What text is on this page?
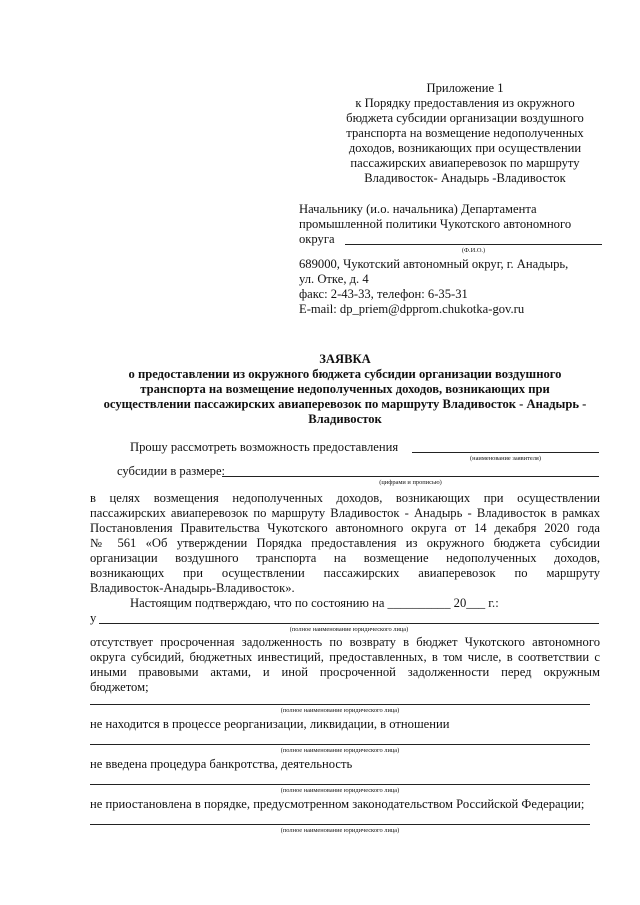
Приложение 1
к Порядку предоставления из окружного
бюджета субсидии организации воздушного
транспорта на возмещение недополученных
доходов, возникающих при осуществлении
пассажирских авиаперевозок по маршруту
Владивосток- Анадырь -Владивосток
Начальнику (и.о. начальника) Департамента
промышленной политики Чукотского автономного
округа
(Ф.И.О.)
689000, Чукотский автономный округ, г. Анадырь,
ул. Отке, д. 4
факс: 2-43-33, телефон: 6-35-31
E-mail: dp_priem@dpprom.chukotka-gov.ru
ЗАЯВКА
о предоставлении из окружного бюджета субсидии организации воздушного
транспорта на возмещение недополученных доходов, возникающих при
осуществлении пассажирских авиаперевозок по маршруту Владивосток - Анадырь -
Владивосток
Прошу рассмотреть возможность предоставления
(наименование заявителя)
субсидии в размере:
(цифрами и прописью)
в целях возмещения недополученных доходов, возникающих при осуществлении
пассажирских авиаперевозок по маршруту Владивосток - Анадырь - Владивосток в рамках
Постановления Правительства Чукотского автономного округа от 14 декабря 2020 года
№ 561 «Об утверждении Порядка предоставления из окружного бюджета субсидии
организации воздушного транспорта на возмещение недополученных доходов,
возникающих при осуществлении пассажирских авиаперевозок по маршруту
Владивосток-Анадырь-Владивосток».
Настоящим подтверждаю, что по состоянию на __________ 20___ г.:
у
(полное наименование юридического лица)
отсутствует просроченная задолженность по возврату в бюджет Чукотского автономного
округа субсидий, бюджетных инвестиций, предоставленных, в том числе, в соответствии с
иными правовыми актами, и иной просроченной задолженности перед окружным
бюджетом;
(полное наименование юридического лица)
не находится в процессе реорганизации, ликвидации, в отношении
(полное наименование юридического лица)
не введена процедура банкротства, деятельность
(полное наименование юридического лица)
не приостановлена в порядке, предусмотренном законодательством Российской Федерации;
(полное наименование юридического лица)
